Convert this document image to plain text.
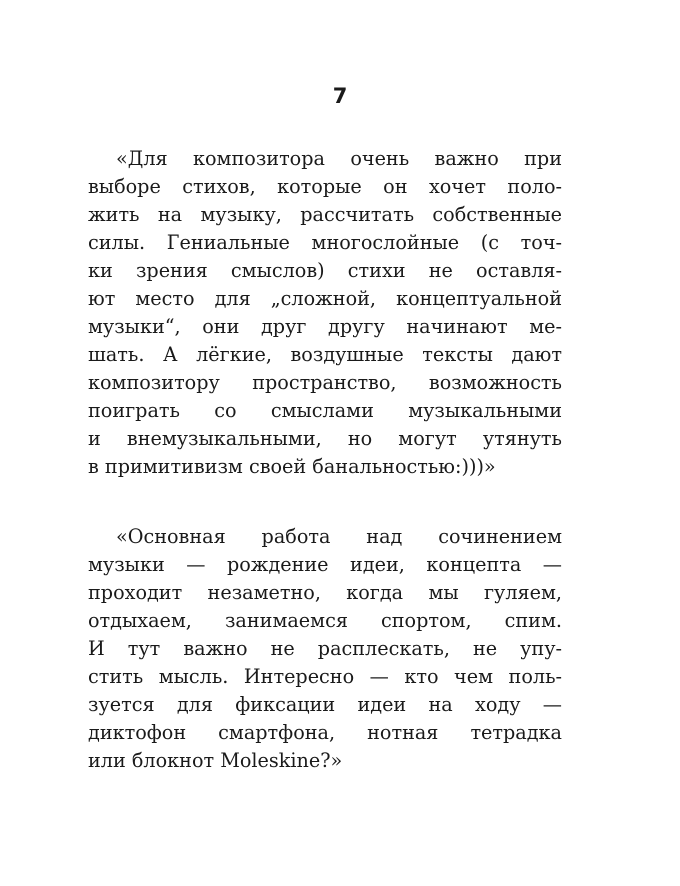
7
«Для композитора очень важно при
выборе стихов, которые он хочет поло-
жить на музыку, рассчитать собственные
силы. Гениальные многослойные (с точ-
ки зрения смыслов) стихи не оставля-
ют место для „сложной, концептуальной
музыки“, они друг другу начинают ме-
шать. А лёгкие, воздушные тексты дают
композитору пространство, возможность
поиграть со смыслами музыкальными
и внемузыкальными, но могут утянуть
в примитивизм своей банальностью:)))»
«Основная работа над сочинением
музыки — рождение идеи, концепта —
проходит незаметно, когда мы гуляем,
отдыхаем, занимаемся спортом, спим.
И тут важно не расплескать, не упу-
стить мысль. Интересно — кто чем поль-
зуется для фиксации идеи на ходу —
диктофон смартфона, нотная тетрадка
или блокнот Moleskine?»
